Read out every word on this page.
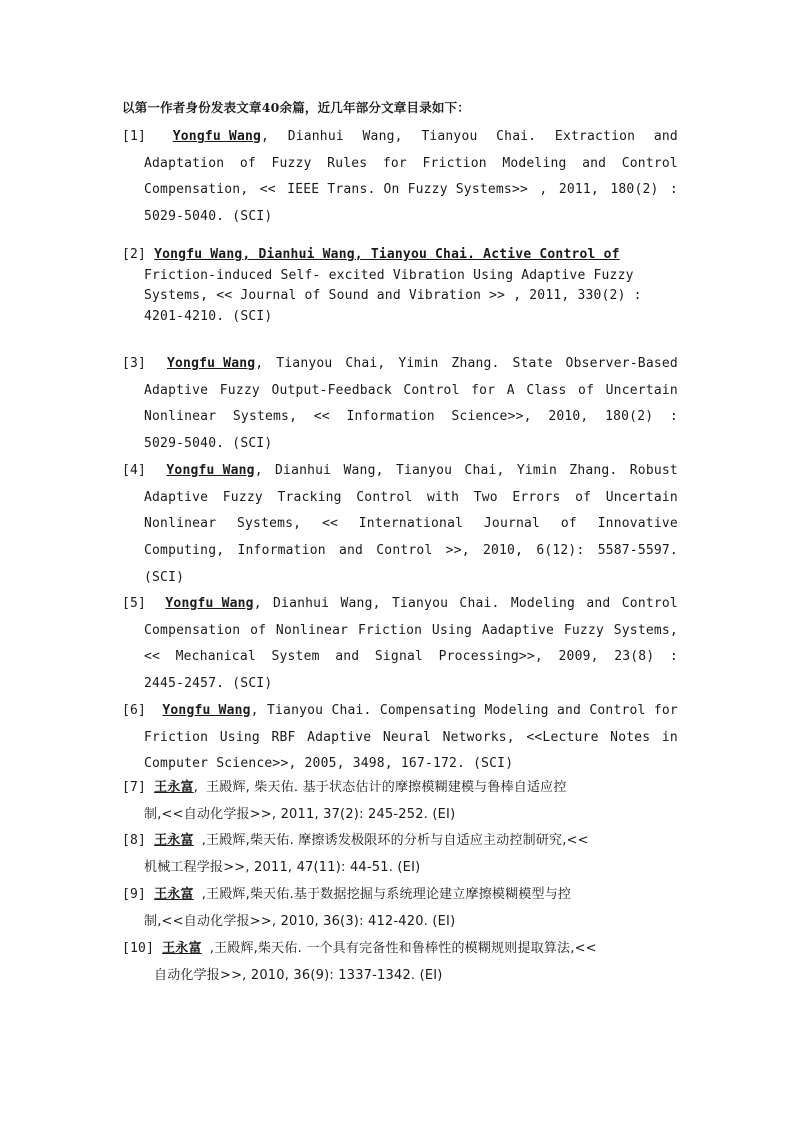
以第一作者身份发表文章40余篇，近几年部分文章目录如下：
[1] Yongfu Wang, Dianhui Wang, Tianyou Chai. Extraction and
Adaptation of Fuzzy Rules for Friction Modeling and Control
Compensation, << IEEE Trans. On Fuzzy Systems>> , 2011, 180(2) :
5029-5040. (SCI)
[2] Yongfu Wang, Dianhui Wang, Tianyou Chai. Active Control of
Friction-induced Self- excited Vibration Using Adaptive Fuzzy
Systems, << Journal of Sound and Vibration >> , 2011, 330(2) :
4201-4210. (SCI)
[3] Yongfu Wang, Tianyou Chai, Yimin Zhang. State Observer-Based
Adaptive Fuzzy Output-Feedback Control for A Class of Uncertain
Nonlinear Systems, << Information Science>>, 2010, 180(2) :
5029-5040. (SCI)
[4] Yongfu Wang, Dianhui Wang, Tianyou Chai, Yimin Zhang. Robust
Adaptive Fuzzy Tracking Control with Two Errors of Uncertain
Nonlinear Systems, << International Journal of Innovative
Computing, Information and Control >>, 2010, 6(12): 5587-5597.
(SCI)
[5] Yongfu Wang, Dianhui Wang, Tianyou Chai. Modeling and Control
Compensation of Nonlinear Friction Using Aadaptive Fuzzy Systems,
<< Mechanical System and Signal Processing>>, 2009, 23(8) :
2445-2457. (SCI)
[6] Yongfu Wang, Tianyou Chai. Compensating Modeling and Control for
Friction Using RBF Adaptive Neural Networks, <<Lecture Notes in
Computer Science>>, 2005, 3498, 167-172. (SCI)
[7] 王永富, 王殿辉, 柴天佑. 基于状态估计的摩擦模糊建模与鲁棒自适应控
制,<<自动化学报>>, 2011, 37(2): 245-252. (EI)
[8] 王永富 ,王殿辉,柴天佑. 摩擦诱发极限环的分析与自适应主动控制研究,<<
机械工程学报>>, 2011, 47(11): 44-51. (EI)
[9] 王永富 ,王殿辉,柴天佑.基于数据挖掘与系统理论建立摩擦模糊模型与控
制,<<自动化学报>>, 2010, 36(3): 412-420. (EI)
[10] 王永富 ,王殿辉,柴天佑. 一个具有完备性和鲁棒性的模糊规则提取算法,<<
自动化学报>>, 2010, 36(9): 1337-1342. (EI)
